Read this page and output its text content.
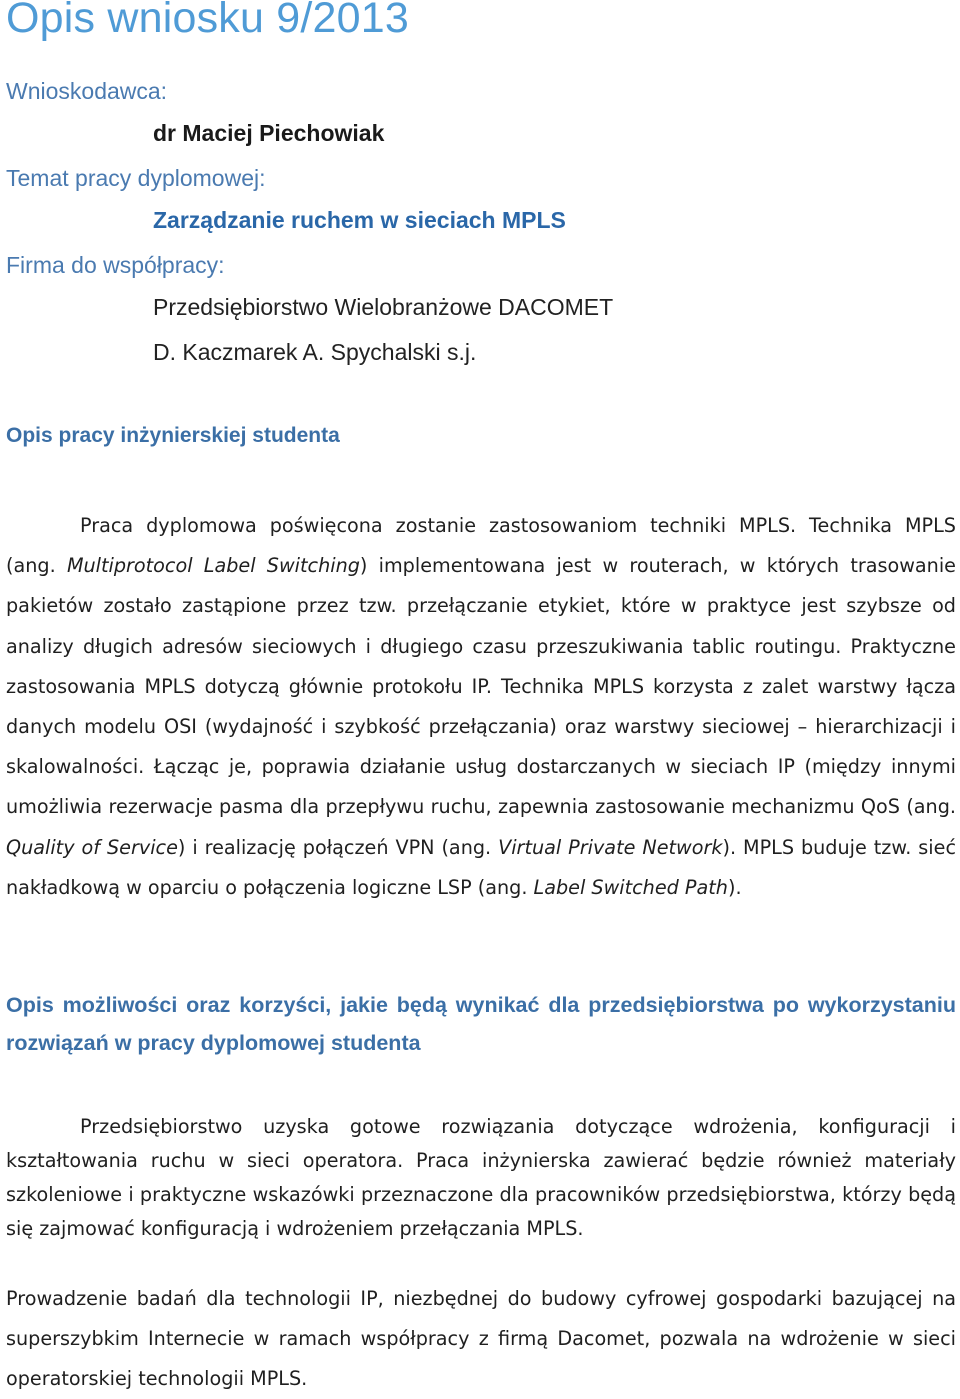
Opis wniosku 9/2013
Wnioskodawca:
dr Maciej Piechowiak
Temat pracy dyplomowej:
Zarządzanie ruchem w sieciach MPLS
Firma do współpracy:
Przedsiębiorstwo Wielobranżowe DACOMET
D. Kaczmarek A. Spychalski s.j.
Opis pracy inżynierskiej studenta
Praca dyplomowa poświęcona zostanie zastosowaniom techniki MPLS. Technika MPLS (ang. Multiprotocol Label Switching) implementowana jest w routerach, w których trasowanie pakietów zostało zastąpione przez tzw. przełączanie etykiet, które w praktyce jest szybsze od analizy długich adresów sieciowych i długiego czasu przeszukiwania tablic routingu. Praktyczne zastosowania MPLS dotyczą głównie protokołu IP. Technika MPLS korzysta z zalet warstwy łącza danych modelu OSI (wydajność i szybkość przełączania) oraz warstwy sieciowej – hierarchizacji i skalowalności. Łącząc je, poprawia działanie usług dostarczanych w sieciach IP (między innymi umożliwia rezerwacje pasma dla przepływu ruchu, zapewnia zastosowanie mechanizmu QoS (ang. Quality of Service) i realizację połączeń VPN (ang. Virtual Private Network). MPLS buduje tzw. sieć nakładkową w oparciu o połączenia logiczne LSP (ang. Label Switched Path).
Opis możliwości oraz korzyści, jakie będą wynikać dla przedsiębiorstwa po wykorzystaniu rozwiązań w pracy dyplomowej studenta
Przedsiębiorstwo uzyska gotowe rozwiązania dotyczące wdrożenia, konfiguracji i kształtowania ruchu w sieci operatora. Praca inżynierska zawierać będzie również materiały szkoleniowe i praktyczne wskazówki przeznaczone dla pracowników przedsiębiorstwa, którzy będą się zajmować konfiguracją i wdrożeniem przełączania MPLS.
Prowadzenie badań dla technologii IP, niezbędnej do budowy cyfrowej gospodarki bazującej na superszybkim Internecie w ramach współpracy z firmą Dacomet, pozwala na wdrożenie w sieci operatorskiej technologii MPLS.
